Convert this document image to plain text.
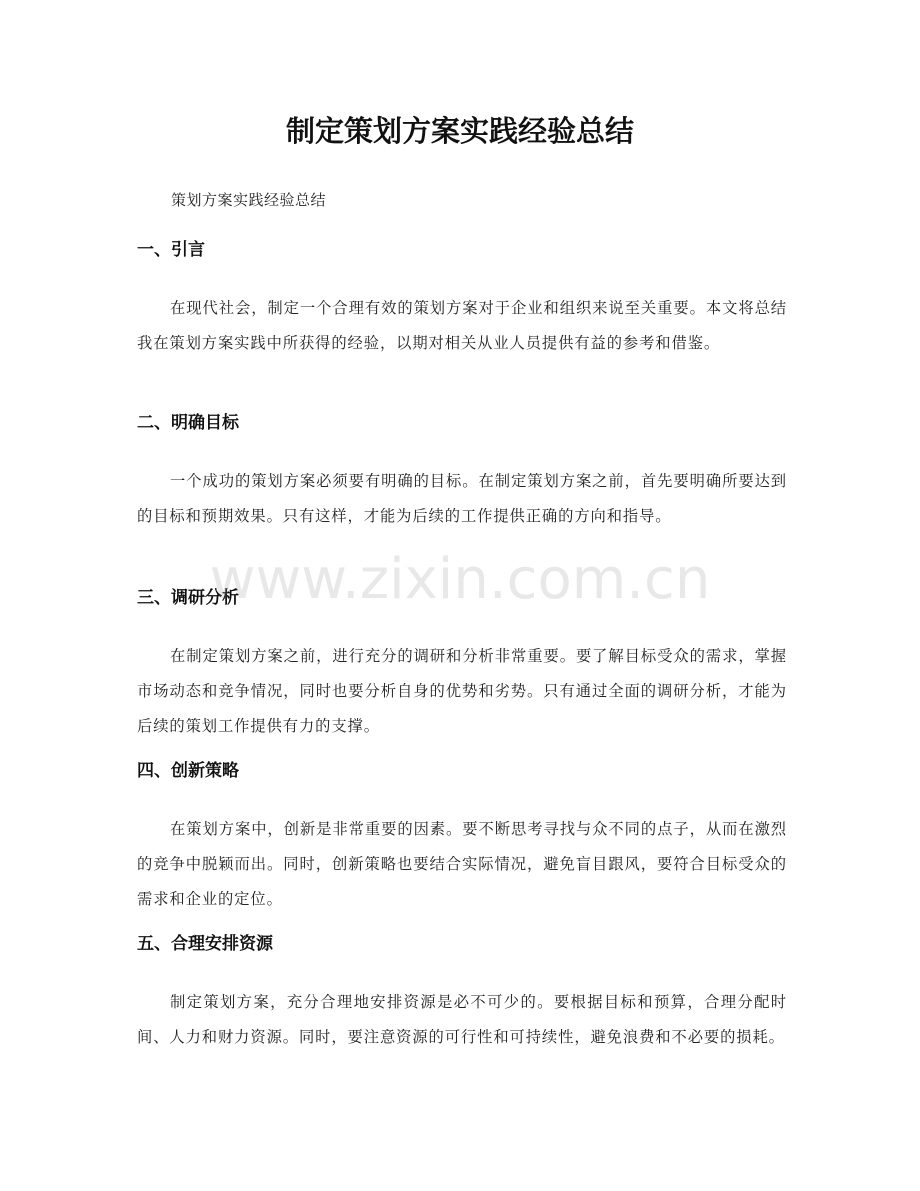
制定策划方案实践经验总结

策划方案实践经验总结

一、引言

在现代社会，制定一个合理有效的策划方案对于企业和组织来说至关重要。本文将总结我在策划方案实践中所获得的经验，以期对相关从业人员提供有益的参考和借鉴。

二、明确目标

一个成功的策划方案必须要有明确的目标。在制定策划方案之前，首先要明确所要达到的目标和预期效果。只有这样，才能为后续的工作提供正确的方向和指导。

三、调研分析

在制定策划方案之前，进行充分的调研和分析非常重要。要了解目标受众的需求，掌握市场动态和竞争情况，同时也要分析自身的优势和劣势。只有通过全面的调研分析，才能为后续的策划工作提供有力的支撑。

四、创新策略

在策划方案中，创新是非常重要的因素。要不断思考寻找与众不同的点子，从而在激烈的竞争中脱颖而出。同时，创新策略也要结合实际情况，避免盲目跟风，要符合目标受众的需求和企业的定位。

五、合理安排资源

制定策划方案，充分合理地安排资源是必不可少的。要根据目标和预算，合理分配时间、人力和财力资源。同时，要注意资源的可行性和可持续性，避免浪费和不必要的损耗。

www.zixin.com.cn
